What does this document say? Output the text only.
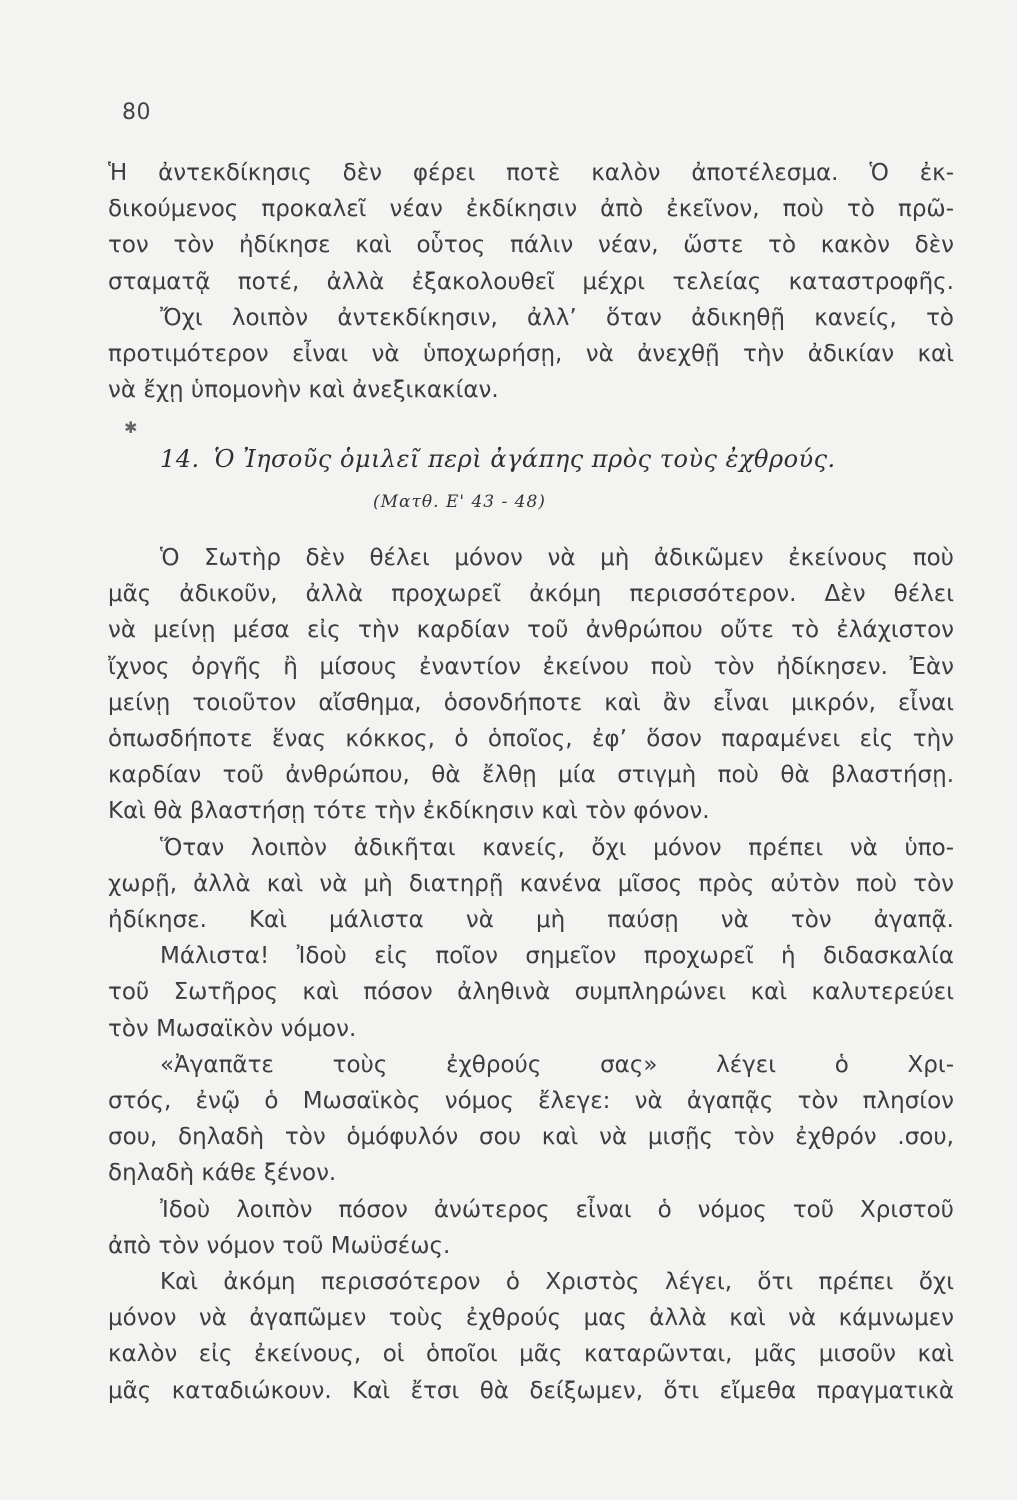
80
Ἡ ἀντεκδίκησις δὲν φέρει ποτὲ καλὸν ἀποτέλεσμα. Ὁ ἐκ-
δικούμενος προκαλεῖ νέαν ἐκδίκησιν ἀπὸ ἐκεῖνον, ποὺ τὸ πρῶ-
τον τὸν ἠδίκησε καὶ οὗτος πάλιν νέαν, ὥστε τὸ κακὸν δὲν
σταματᾷ ποτέ, ἀλλὰ ἐξακολουθεῖ μέχρι τελείας καταστροφῆς.
Ὄχι λοιπὸν ἀντεκδίκησιν, ἀλλ’ ὅταν ἀδικηθῇ κανείς, τὸ
προτιμότερον εἶναι νὰ ὑποχωρήσῃ, νὰ ἀνεχθῇ τὴν ἀδικίαν καὶ
νὰ ἔχῃ ὑπομονὴν καὶ ἀνεξικακίαν.
✱
14. Ὁ Ἰησοῦς ὁμιλεῖ περὶ ἀγάπης πρὸς τοὺς ἐχθρούς.
(Ματθ. Ε' 43 - 48)
Ὁ Σωτὴρ δὲν θέλει μόνον νὰ μὴ ἀδικῶμεν ἐκείνους ποὺ
μᾶς ἀδικοῦν, ἀλλὰ προχωρεῖ ἀκόμη περισσότερον. Δὲν θέλει
νὰ μείνῃ μέσα εἰς τὴν καρδίαν τοῦ ἀνθρώπου οὔτε τὸ ἐλάχιστον
ἴχνος ὀργῆς ἢ μίσους ἐναντίον ἐκείνου ποὺ τὸν ἠδίκησεν. Ἐὰν
μείνῃ τοιοῦτον αἴσθημα, ὁσονδήποτε καὶ ἂν εἶναι μικρόν, εἶναι
ὁπωσδήποτε ἕνας κόκκος, ὁ ὁποῖος, ἐφ’ ὅσον παραμένει εἰς τὴν
καρδίαν τοῦ ἀνθρώπου, θὰ ἔλθῃ μία στιγμὴ ποὺ θὰ βλαστήσῃ.
Καὶ θὰ βλαστήσῃ τότε τὴν ἐκδίκησιν καὶ τὸν φόνον.
Ὅταν λοιπὸν ἀδικῆται κανείς, ὄχι μόνον πρέπει νὰ ὑπο-
χωρῇ, ἀλλὰ καὶ νὰ μὴ διατηρῇ κανένα μῖσος πρὸς αὐτὸν ποὺ τὸν
ἠδίκησε. Καὶ μάλιστα νὰ μὴ παύσῃ νὰ τὸν ἀγαπᾷ.
Μάλιστα! Ἰδοὺ εἰς ποῖον σημεῖον προχωρεῖ ἡ διδασκαλία
τοῦ Σωτῆρος καὶ πόσον ἀληθινὰ συμπληρώνει καὶ καλυτερεύει
τὸν Μωσαϊκὸν νόμον.
«Ἀγαπᾶτε τοὺς ἐχθρούς σας» λέγει ὁ Χρι-
στός, ἐνῷ ὁ Μωσαϊκὸς νόμος ἔλεγε: νὰ ἀγαπᾷς τὸν πλησίον
σου, δηλαδὴ τὸν ὁμόφυλόν σου καὶ νὰ μισῇς τὸν ἐχθρόν .σου,
δηλαδὴ κάθε ξένον.
Ἰδοὺ λοιπὸν πόσον ἀνώτερος εἶναι ὁ νόμος τοῦ Χριστοῦ
ἀπὸ τὸν νόμον τοῦ Μωϋσέως.
Καὶ ἀκόμη περισσότερον ὁ Χριστὸς λέγει, ὅτι πρέπει ὄχι
μόνον νὰ ἀγαπῶμεν τοὺς ἐχθρούς μας ἀλλὰ καὶ νὰ κάμνωμεν
καλὸν εἰς ἐκείνους, οἱ ὁποῖοι μᾶς καταρῶνται, μᾶς μισοῦν καὶ
μᾶς καταδιώκουν. Καὶ ἔτσι θὰ δείξωμεν, ὅτι εἴμεθα πραγματικὰ
